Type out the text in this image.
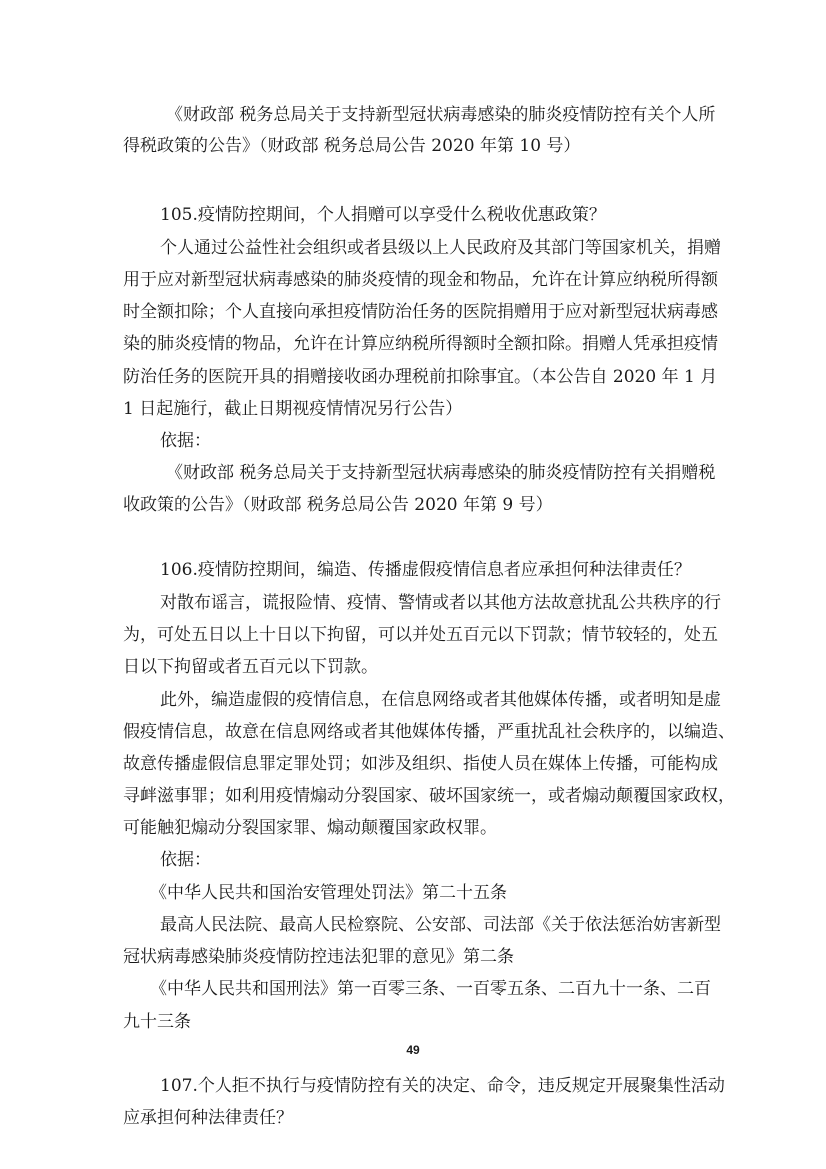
《财政部 税务总局关于支持新型冠状病毒感染的肺炎疫情防控有关个人所
得税政策的公告》（财政部 税务总局公告 2020 年第 10 号）
105.疫情防控期间，个人捐赠可以享受什么税收优惠政策？
个人通过公益性社会组织或者县级以上人民政府及其部门等国家机关，捐赠
用于应对新型冠状病毒感染的肺炎疫情的现金和物品，允许在计算应纳税所得额
时全额扣除；个人直接向承担疫情防治任务的医院捐赠用于应对新型冠状病毒感
染的肺炎疫情的物品，允许在计算应纳税所得额时全额扣除。捐赠人凭承担疫情
防治任务的医院开具的捐赠接收函办理税前扣除事宜。（本公告自 2020 年 1 月
1 日起施行，截止日期视疫情情况另行公告）
依据：
《财政部 税务总局关于支持新型冠状病毒感染的肺炎疫情防控有关捐赠税
收政策的公告》（财政部 税务总局公告 2020 年第 9 号）
106.疫情防控期间，编造、传播虚假疫情信息者应承担何种法律责任？
对散布谣言，谎报险情、疫情、警情或者以其他方法故意扰乱公共秩序的行
为，可处五日以上十日以下拘留，可以并处五百元以下罚款；情节较轻的，处五
日以下拘留或者五百元以下罚款。
此外，编造虚假的疫情信息，在信息网络或者其他媒体传播，或者明知是虚
假疫情信息，故意在信息网络或者其他媒体传播，严重扰乱社会秩序的，以编造、
故意传播虚假信息罪定罪处罚；如涉及组织、指使人员在媒体上传播，可能构成
寻衅滋事罪；如利用疫情煽动分裂国家、破坏国家统一，或者煽动颠覆国家政权，
可能触犯煽动分裂国家罪、煽动颠覆国家政权罪。
依据：
《中华人民共和国治安管理处罚法》第二十五条
最高人民法院、最高人民检察院、公安部、司法部《关于依法惩治妨害新型
冠状病毒感染肺炎疫情防控违法犯罪的意见》第二条
《中华人民共和国刑法》第一百零三条、一百零五条、二百九十一条、二百
九十三条
107.个人拒不执行与疫情防控有关的决定、命令，违反规定开展聚集性活动
应承担何种法律责任？
49
